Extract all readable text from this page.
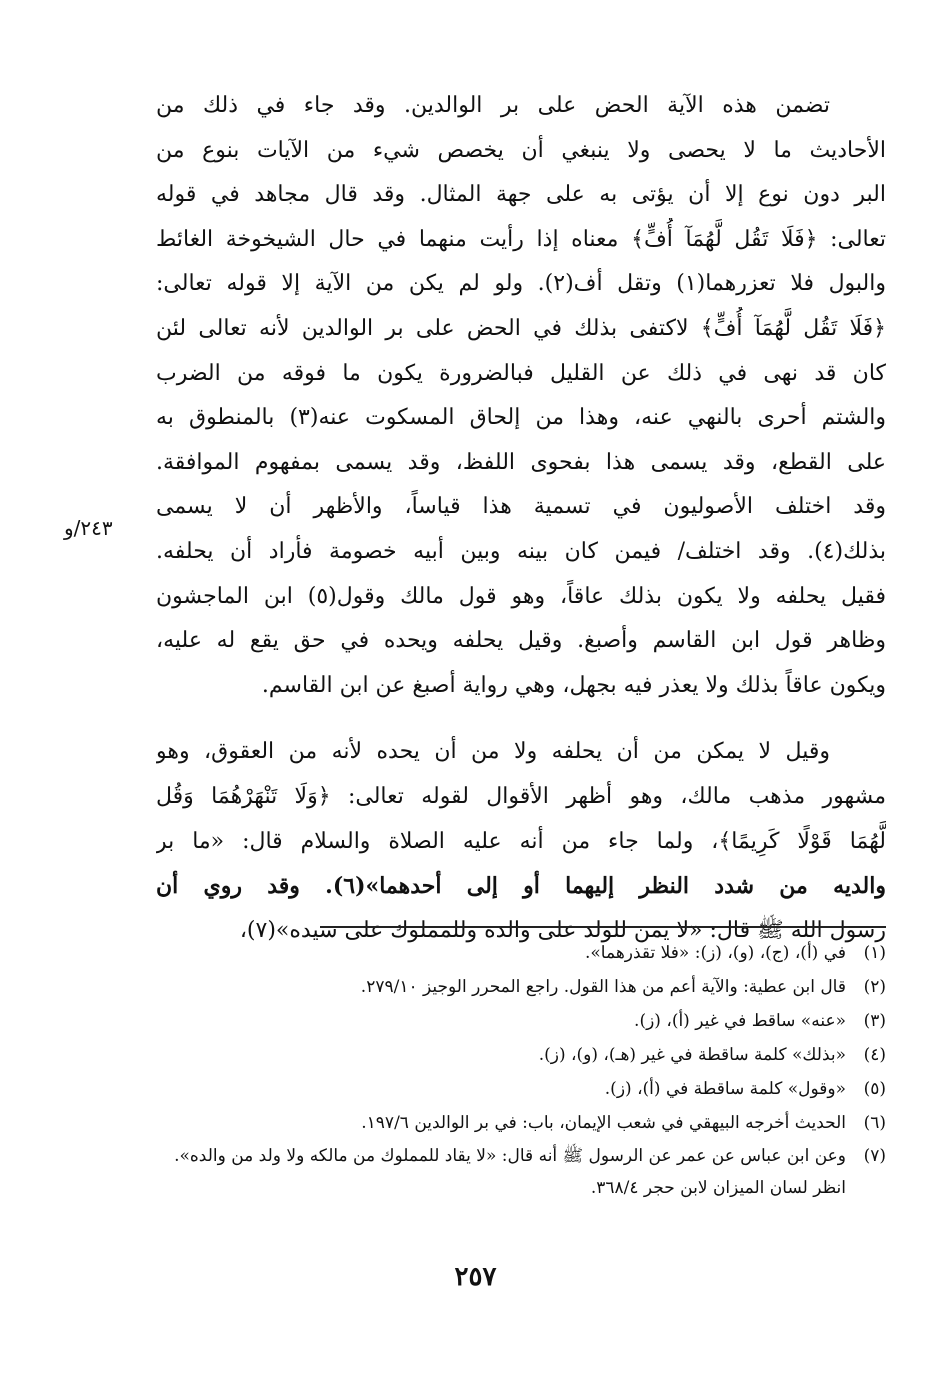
تضمن هذه الآية الحض على بر الوالدين. وقد جاء في ذلك من
الأحاديث ما لا يحصى ولا ينبغي أن يخصص شيء من الآيات بنوع من
البر دون نوع إلا أن يؤتى به على جهة المثال. وقد قال مجاهد في قوله
تعالى: ﴿فَلَا تَقُل لَّهُمَآ أُفٍّ﴾ معناه إذا رأيت منهما في حال الشيخوخة الغائط
والبول فلا تعزرهما(١) وتقل أف(٢). ولو لم يكن من الآية إلا قوله تعالى:
﴿فَلَا تَقُل لَّهُمَآ أُفٍّ﴾ لاكتفى بذلك في الحض على بر الوالدين لأنه تعالى لئن
كان قد نهى في ذلك عن القليل فبالضرورة يكون ما فوقه من الضرب
والشتم أحرى بالنهي عنه، وهذا من إلحاق المسكوت عنه(٣) بالمنطوق به
على القطع، وقد يسمى هذا بفحوى اللفظ، وقد يسمى بمفهوم الموافقة.
وقد اختلف الأصوليون في تسمية هذا قياساً، والأظهر أن لا يسمى
بذلك(٤). وقد اختلف/ فيمن كان بينه وبين أبيه خصومة فأراد أن يحلفه.
فقيل يحلفه ولا يكون بذلك عاقاً، وهو قول مالك وقول(٥) ابن الماجشون
وظاهر قول ابن القاسم وأصبغ. وقيل يحلفه ويحده في حق يقع له عليه،
ويكون عاقاً بذلك ولا يعذر فيه بجهل، وهي رواية أصبغ عن ابن القاسم.
وقيل لا يمكن من أن يحلفه ولا من أن يحده لأنه من العقوق، وهو
مشهور مذهب مالك، وهو أظهر الأقوال لقوله تعالى: ﴿وَلَا تَنْهَرْهُمَا وَقُل
لَّهُمَا قَوْلًا كَرِيمًا﴾، ولما جاء من أنه عليه الصلاة والسلام قال: «ما بر
والديه من شدد النظر إليهما أو إلى أحدهما»(٦). وقد روي أن
رسول الله ﷺ قال: «لا يمن للولد على والده وللمملوك على سيده»(٧)،
٢٤٣/و
(١)
في (أ)، (ج)، (و)، (ز): «فلا تقذرهما».
(٢)
قال ابن عطية: والآية أعم من هذا القول. راجع المحرر الوجيز ٢٧٩/١٠.
(٣)
«عنه» ساقط في غير (أ)، (ز).
(٤)
«بذلك» كلمة ساقطة في غير (هـ)، (و)، (ز).
(٥)
«وقول» كلمة ساقطة في (أ)، (ز).
(٦)
الحديث أخرجه البيهقي في شعب الإيمان، باب: في بر الوالدين ١٩٧/٦.
(٧)
وعن ابن عباس عن عمر عن الرسول ﷺ أنه قال: «لا يقاد للمملوك من مالكه ولا ولد من والده». انظر لسان الميزان لابن حجر ٣٦٨/٤.
٢٥٧
